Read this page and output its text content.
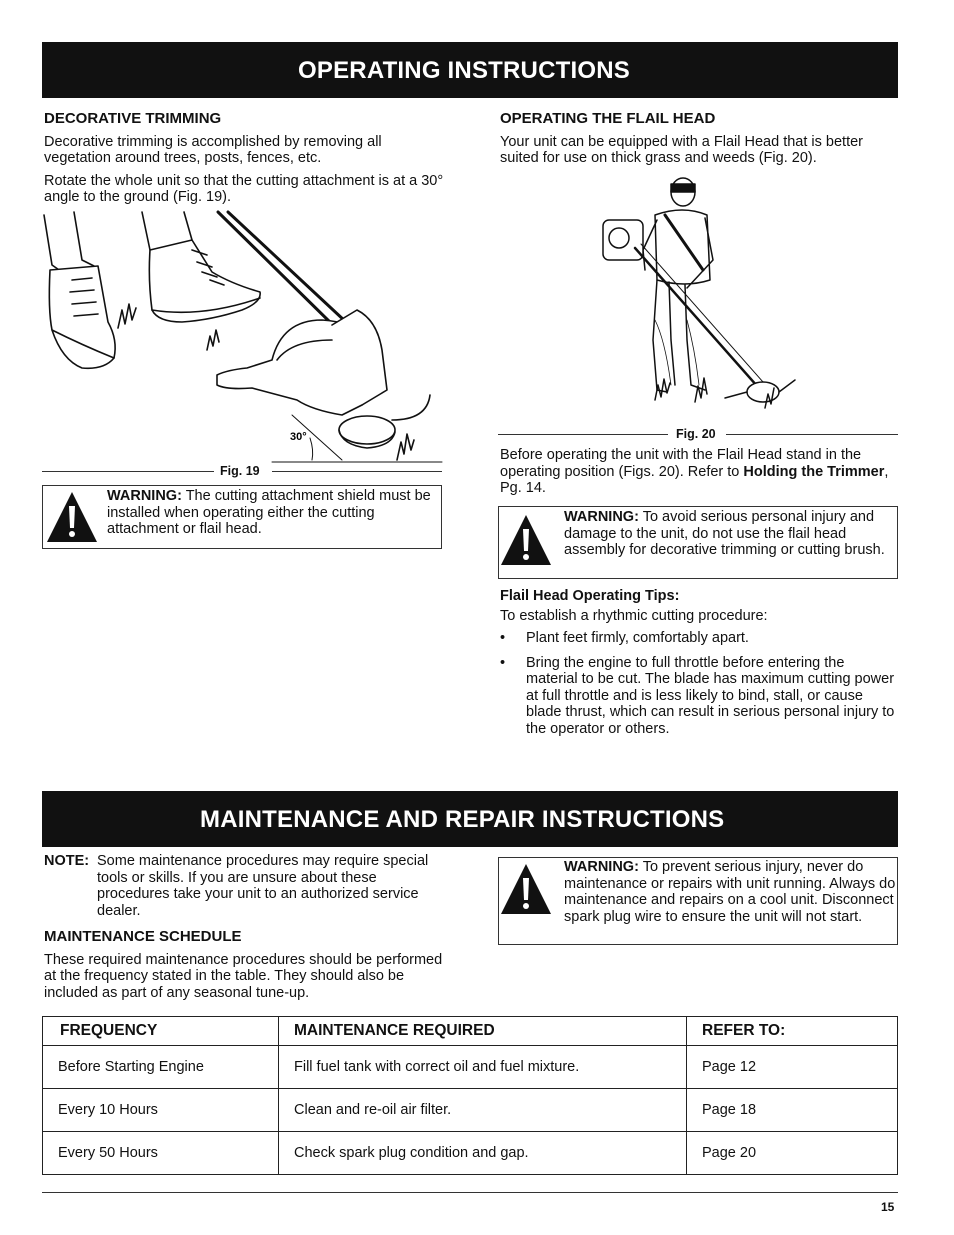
OPERATING INSTRUCTIONS
DECORATIVE TRIMMING

Decorative trimming is accomplished by removing all vegetation around trees, posts, fences, etc.

Rotate the whole unit so that the cutting attachment is at a 30° angle to the ground (Fig. 19).

30°
Fig. 19
WARNING: The cutting attachment shield must be installed when operating either the cutting attachment or flail head.
OPERATING THE FLAIL HEAD

Your unit can be equipped with a Flail Head that is better suited for use on thick grass and weeds (Fig. 20).

Fig. 20

Before operating the unit with the Flail Head stand in the operating position (Figs. 20). Refer to Holding the Trimmer, Pg. 14.

WARNING: To avoid serious personal injury and damage to the unit, do not use the flail head assembly for decorative trimming or cutting brush.
Flail Head Operating Tips:

To establish a rhythmic cutting procedure:

• Plant feet firmly, comfortably apart.
• Bring the engine to full throttle before entering the material to be cut. The blade has maximum cutting power at full throttle and is less likely to bind, stall, or cause blade thrust, which can result in serious personal injury to the operator or others.
MAINTENANCE AND REPAIR INSTRUCTIONS
NOTE: Some maintenance procedures may require special tools or skills. If you are unsure about these procedures take your unit to an authorized service dealer.
MAINTENANCE SCHEDULE

These required maintenance procedures should be performed at the frequency stated in the table. They should also be included as part of any seasonal tune-up.

WARNING: To prevent serious injury, never do maintenance or repairs with unit running. Always do maintenance and repairs on a cool unit. Disconnect spark plug wire to ensure the unit will not start.
FREQUENCY	MAINTENANCE REQUIRED	REFER TO:
Before Starting Engine	Fill fuel tank with correct oil and fuel mixture.	Page 12
Every 10 Hours	Clean and re-oil air filter.	Page 18
Every 50 Hours	Check spark plug condition and gap.	Page 20
15
